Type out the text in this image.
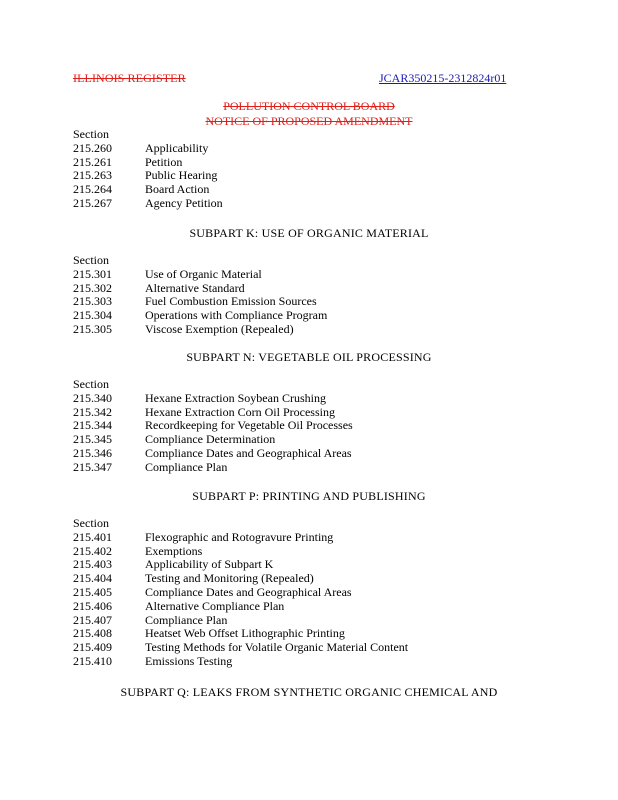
ILLINOIS REGISTER	JCAR350215-2312824r01
POLLUTION CONTROL BOARD
NOTICE OF PROPOSED AMENDMENT
Section
215.260	Applicability
215.261	Petition
215.263	Public Hearing
215.264	Board Action
215.267	Agency Petition
SUBPART K: USE OF ORGANIC MATERIAL
Section
215.301	Use of Organic Material
215.302	Alternative Standard
215.303	Fuel Combustion Emission Sources
215.304	Operations with Compliance Program
215.305	Viscose Exemption (Repealed)
SUBPART N: VEGETABLE OIL PROCESSING
Section
215.340	Hexane Extraction Soybean Crushing
215.342	Hexane Extraction Corn Oil Processing
215.344	Recordkeeping for Vegetable Oil Processes
215.345	Compliance Determination
215.346	Compliance Dates and Geographical Areas
215.347	Compliance Plan
SUBPART P: PRINTING AND PUBLISHING
Section
215.401	Flexographic and Rotogravure Printing
215.402	Exemptions
215.403	Applicability of Subpart K
215.404	Testing and Monitoring (Repealed)
215.405	Compliance Dates and Geographical Areas
215.406	Alternative Compliance Plan
215.407	Compliance Plan
215.408	Heatset Web Offset Lithographic Printing
215.409	Testing Methods for Volatile Organic Material Content
215.410	Emissions Testing
SUBPART Q: LEAKS FROM SYNTHETIC ORGANIC CHEMICAL AND
